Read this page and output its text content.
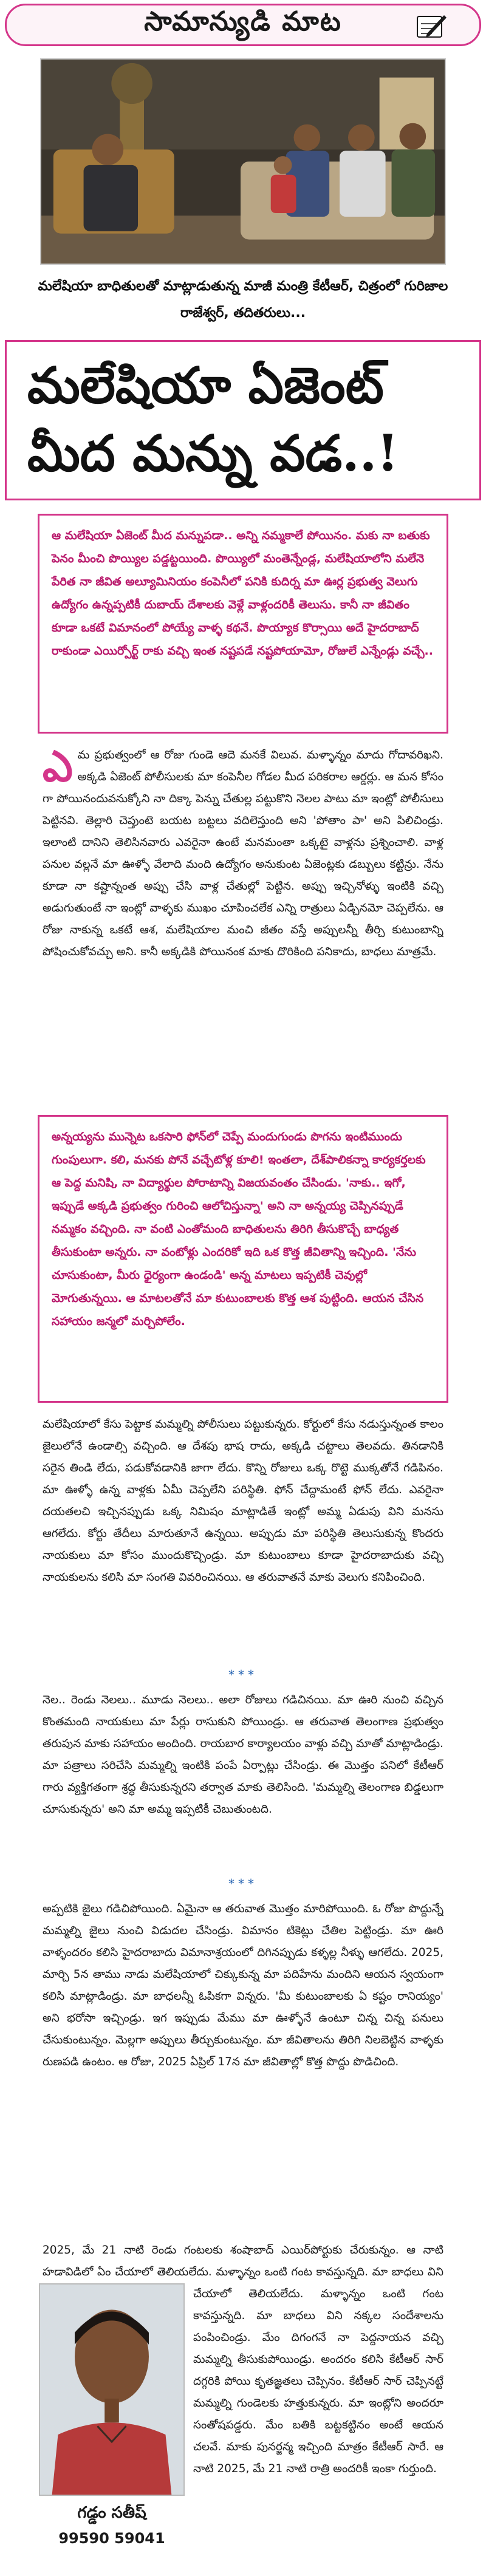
సామాన్యుడి మాట
మలేషియా బాధితులతో మాట్లాడుతున్న మాజీ మంత్రి కేటీఆర్, చిత్రంలో గురిజాల రాజేశ్వర్, తదితరులు...
మలేషియా ఏజెంట్
మీద మన్ను వడ..!
ఆ మలేషియా ఏజెంట్ మీద మన్నుపడా.. అన్ని నమ్మకాలే పోయినం. మకు నా బతుకు పెనం మీంచి పొయ్యిల పడ్డట్టయింది. పొయ్యిలో మంతెన్నేండ్ల, మలేషియాలోని మలేనె పేరిత నా జీవిత అల్యూమినియం కంపెనీలో పనికి కుదిర్న మా ఊర్ల ప్రభుత్వ వెలుగు ఉద్యోగం ఉన్నప్పటికీ దుబాయ్ దేశాలకు వెళ్లే వాళ్లందరికీ తెలుసు. కానీ నా జీవితం కూడా ఒకటే విమానంలో పోయ్యే వాళ్ళ కథనే. పొయ్యాక కొర్సాయి అదే హైదరాబాద్ రాకుండా ఎయిర్పోర్ట్ రాకు వచ్చి ఇంత నష్టపడే నష్టపోయామో, రోజులే ఎన్నేండ్లు వచ్చే..
ఎమ ప్రభుత్వంలో ఆ రోజు గుండె ఆదె మనకే విలువ. మళ్ళాన్నం మాదు గోదావరిఖని. అక్కడి ఏజెంట్ పోలీసులకు మా కంపెనీల గోడల మీద పరికరాల ఆర్డర్లు. ఆ మన కోసం గా పోయినందువనుక్కోని నా దిక్కా పెన్ను చేతుల్ల పట్టుకొని నెలల పాటు మా ఇంట్లో పోలీసులు పెట్టినవి. తెల్లారి చెప్తుంటె బయట బట్టలు వదిలెస్తుంది అని 'పోతాం పా' అని పిలిచిండ్రు. ఇలాంటి దానిని తెలిసినవారు ఎవరైనా ఉంటే మనమంతా ఒక్కటై వాళ్లను ప్రశ్నించాలి. వాళ్ల పనుల వల్లనే మా ఊళ్ళో వేలాది మంది ఉద్యోగం అనుకుంట ఏజెంట్లకు డబ్బులు కట్టిన్రు. నేను కూడా నా కష్టాన్నంత అప్పు చేసి వాళ్ల చేతుల్లో పెట్టిన. అప్పు ఇచ్చినోళ్ళు ఇంటికి వచ్చి అడుగుతుంటే నా ఇంట్లో వాళ్ళకు ముఖం చూపించలేక ఎన్ని రాత్రులు ఏడ్చినమో చెప్పలేను. ఆ రోజు నాకున్న ఒకటే ఆశ, మలేషియాల మంచి జీతం వస్తే అప్పులన్నీ తీర్చి కుటుంబాన్ని పోషించుకోవచ్చు అని. కానీ అక్కడికి పోయినంక మాకు దొరికింది పనికాదు, బాధలు మాత్రమే.
అన్నయ్యను మున్నెట ఒకసారి ఫోన్‌లో చెప్పే మందుగుండు పొగను ఇంటిముందు గుంపులుగా. కలి, మనకు పోనే వచ్చేటోళ్ల కూలి! ఇంతలా, దేశ్‌పాలికన్నా కార్యకర్తలకు ఆ పెద్ద మనిషి, నా విద్యార్థుల పోరాటాన్ని విజయవంతం చేసిండు. 'నాకు.. ఇగో, ఇప్పుడే అక్కడి ప్రభుత్వం గురించి ఆలోచిస్తున్నా' అని నా అన్నయ్య చెప్పినప్పుడే నమ్మకం వచ్చింది. నా వంటి ఎంతోమంది బాధితులను తిరిగి తీసుకొచ్చే బాధ్యత తీసుకుంటా అన్నరు. నా వంటోళ్లు ఎందరికో ఇది ఒక కొత్త జీవితాన్ని ఇచ్చింది. 'నేను చూసుకుంటా, మీరు ధైర్యంగా ఉండండి' అన్న మాటలు ఇప్పటికీ చెవుల్లో మోగుతున్నయి. ఆ మాటలతోనే మా కుటుంబాలకు కొత్త ఆశ పుట్టింది. ఆయన చేసిన సహాయం జన్మలో మర్చిపోలేం.
మలేషియాలో కేసు పెట్టాక మమ్మల్ని పోలీసులు పట్టుకున్నరు. కోర్టులో కేసు నడుస్తున్నంత కాలం జైలులోనే ఉండాల్సి వచ్చింది. ఆ దేశపు భాష రాదు, అక్కడి చట్టాలు తెలవదు. తినడానికి సరైన తిండి లేదు, పడుకోవడానికి జాగా లేదు. కొన్ని రోజులు ఒక్క రొట్టె ముక్కతోనే గడిపినం. మా ఊళ్ళో ఉన్న వాళ్లకు ఏమీ చెప్పలేని పరిస్థితి. ఫోన్ చేద్దామంటే ఫోన్ లేదు. ఎవరైనా దయతలచి ఇచ్చినప్పుడు ఒక్క నిమిషం మాట్లాడితే ఇంట్లో అమ్మ ఏడుపు విని మనసు ఆగలేదు. కోర్టు తేదీలు మారుతూనే ఉన్నయి. అప్పుడు మా పరిస్థితి తెలుసుకున్న కొందరు నాయకులు మా కోసం ముందుకొచ్చిండ్రు. మా కుటుంబాలు కూడా హైదరాబాదుకు వచ్చి నాయకులను కలిసి మా సంగతి వివరించినయి. ఆ తరువాతనే మాకు వెలుగు కనిపించింది.
***
నెల.. రెండు నెలలు.. మూడు నెలలు.. అలా రోజులు గడిచినయి. మా ఊరి నుంచి వచ్చిన కొంతమంది నాయకులు మా పేర్లు రాసుకుని పోయిండ్రు. ఆ తరువాత తెలంగాణ ప్రభుత్వం తరుపున మాకు సహాయం అందింది. రాయబార కార్యాలయం వాళ్లు వచ్చి మాతో మాట్లాడిండ్రు. మా పత్రాలు సరిచేసి మమ్మల్ని ఇంటికి పంపే ఏర్పాట్లు చేసిండ్రు. ఈ మొత్తం పనిలో కేటీఆర్ గారు వ్యక్తిగతంగా శ్రద్ధ తీసుకున్నరని తర్వాత మాకు తెలిసింది. 'మమ్మల్ని తెలంగాణ బిడ్డలుగా చూసుకున్నరు' అని మా అమ్మ ఇప్పటికీ చెబుతుంటది.
***
అప్పటికి జైలు గడిచిపోయింది. ఏమైనా ఆ తరువాత మొత్తం మారిపోయింది. ఓ రోజు పొద్దున్నే మమ్మల్ని జైలు నుంచి విడుదల చేసిండ్రు. విమానం టికెట్లు చేతిల పెట్టిండ్రు. మా ఊరి వాళ్ళందరం కలిసి హైదరాబాదు విమానాశ్రయంలో దిగినప్పుడు కళ్ళల్ల నీళ్ళు ఆగలేదు. 2025, మార్చి 5న తాము నాడు మలేషియాలో చిక్కుకున్న మా పదిహేను మందిని ఆయన స్వయంగా కలిసి మాట్లాడిండ్రు. మా బాధలన్నీ ఓపికగా విన్నరు. 'మీ కుటుంబాలకు ఏ కష్టం రానియ్యం' అని భరోసా ఇచ్చిండ్రు. ఇగ ఇప్పుడు మేము మా ఊళ్ళోనే ఉంటూ చిన్న చిన్న పనులు చేసుకుంటున్నం. మెల్లగా అప్పులు తీర్చుకుంటున్నం. మా జీవితాలను తిరిగి నిలబెట్టిన వాళ్ళకు రుణపడి ఉంటం. ఆ రోజు, 2025 ఏప్రిల్ 17న మా జీవితాల్లో కొత్త పొద్దు పొడిచింది.
2025, మే 21 నాటి రెండు గంటలకు శంషాబాద్ ఎయిర్‌పోర్టుకు చేరుకున్నం. ఆ నాటి హడావిడిలో ఏం చేయాలో తెలియలేదు. మళ్ళాన్నం ఒంటి గంట కావస్తున్నది. మా బాధలు విని
చేయాలో తెలియలేదు. మళ్ళాన్నం ఒంటి గంట కావస్తున్నది. మా బాధలు విని నక్కల సందేశాలను పంపించిండ్రు. మేం దిగంగనే నా పెద్దనాయన వచ్చి మమ్మల్ని తీసుకుపోయిండ్రు. అందరం కలిసి కేటీఆర్ సార్ దగ్గరికి పోయి కృతజ్ఞతలు చెప్పినం. కేటీఆర్ సార్ చెప్పినట్టే మమ్మల్ని గుండెలకు హత్తుకున్నరు. మా ఇంట్లోని అందరూ సంతోషపడ్డరు. మేం బతికి బట్టకట్టినం అంటే ఆయన చలవే. మాకు పునర్జన్మ ఇచ్చింది మాత్రం కేటీఆర్ సారే. ఆ నాటి 2025, మే 21 నాటి రాత్రి అందరికీ ఇంకా గుర్తుంది.
గడ్డం సతీష్
99590 59041
